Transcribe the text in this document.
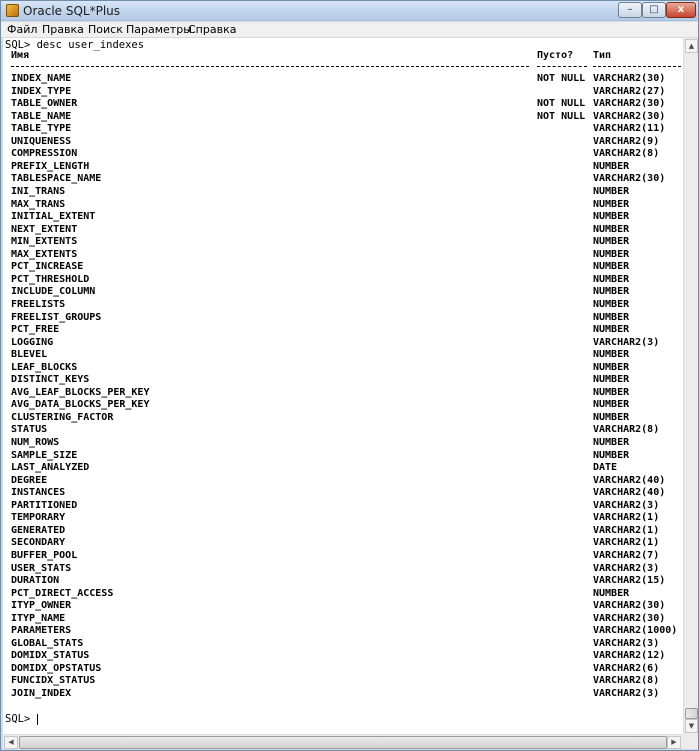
Oracle SQL*Plus	–	□	x
Файл Правка Поиск Параметры
Справка
SQL> desc user_indexes
Имя	Пусто? Тип
INDEX_NAME	NOT NULL VARCHAR2(30)
INDEX_TYPE	VARCHAR2(27)
TABLE_OWNER	NOT NULL VARCHAR2(30)
TABLE_NAME	NOT NULL VARCHAR2(30)
TABLE_TYPE	VARCHAR2(11)
UNIQUENESS	VARCHAR2(9)
COMPRESSION	VARCHAR2(8)
PREFIX_LENGTH	NUMBER
TABLESPACE_NAME	VARCHAR2(30)
INI_TRANS	NUMBER
MAX_TRANS	NUMBER
INITIAL_EXTENT	NUMBER
NEXT_EXTENT	NUMBER
MIN_EXTENTS	NUMBER
MAX_EXTENTS	NUMBER
PCT_INCREASE	NUMBER
PCT_THRESHOLD	NUMBER
INCLUDE_COLUMN	NUMBER
FREELISTS	NUMBER
FREELIST_GROUPS	NUMBER
PCT_FREE	NUMBER
LOGGING	VARCHAR2(3)
BLEVEL	NUMBER
LEAF_BLOCKS	NUMBER
DISTINCT_KEYS	NUMBER
AVG_LEAF_BLOCKS_PER_KEY	NUMBER
AVG_DATA_BLOCKS_PER_KEY	NUMBER
CLUSTERING_FACTOR	NUMBER
STATUS	VARCHAR2(8)
NUM_ROWS	NUMBER
SAMPLE_SIZE	NUMBER
LAST_ANALYZED	DATE
DEGREE	VARCHAR2(40)
INSTANCES	VARCHAR2(40)
PARTITIONED	VARCHAR2(3)
TEMPORARY	VARCHAR2(1)
GENERATED	VARCHAR2(1)
SECONDARY	VARCHAR2(1)
BUFFER_POOL	VARCHAR2(7)
USER_STATS	VARCHAR2(3)
DURATION	VARCHAR2(15)
PCT_DIRECT_ACCESS	NUMBER
ITYP_OWNER	VARCHAR2(30)
ITYP_NAME	VARCHAR2(30)
PARAMETERS	VARCHAR2(1000)
GLOBAL_STATS	VARCHAR2(3)
DOMIDX_STATUS	VARCHAR2(12)
DOMIDX_OPSTATUS	VARCHAR2(6)
FUNCIDX_STATUS	VARCHAR2(8)
JOIN_INDEX	VARCHAR2(3)
SQL>
▲
▼
◀	▶
